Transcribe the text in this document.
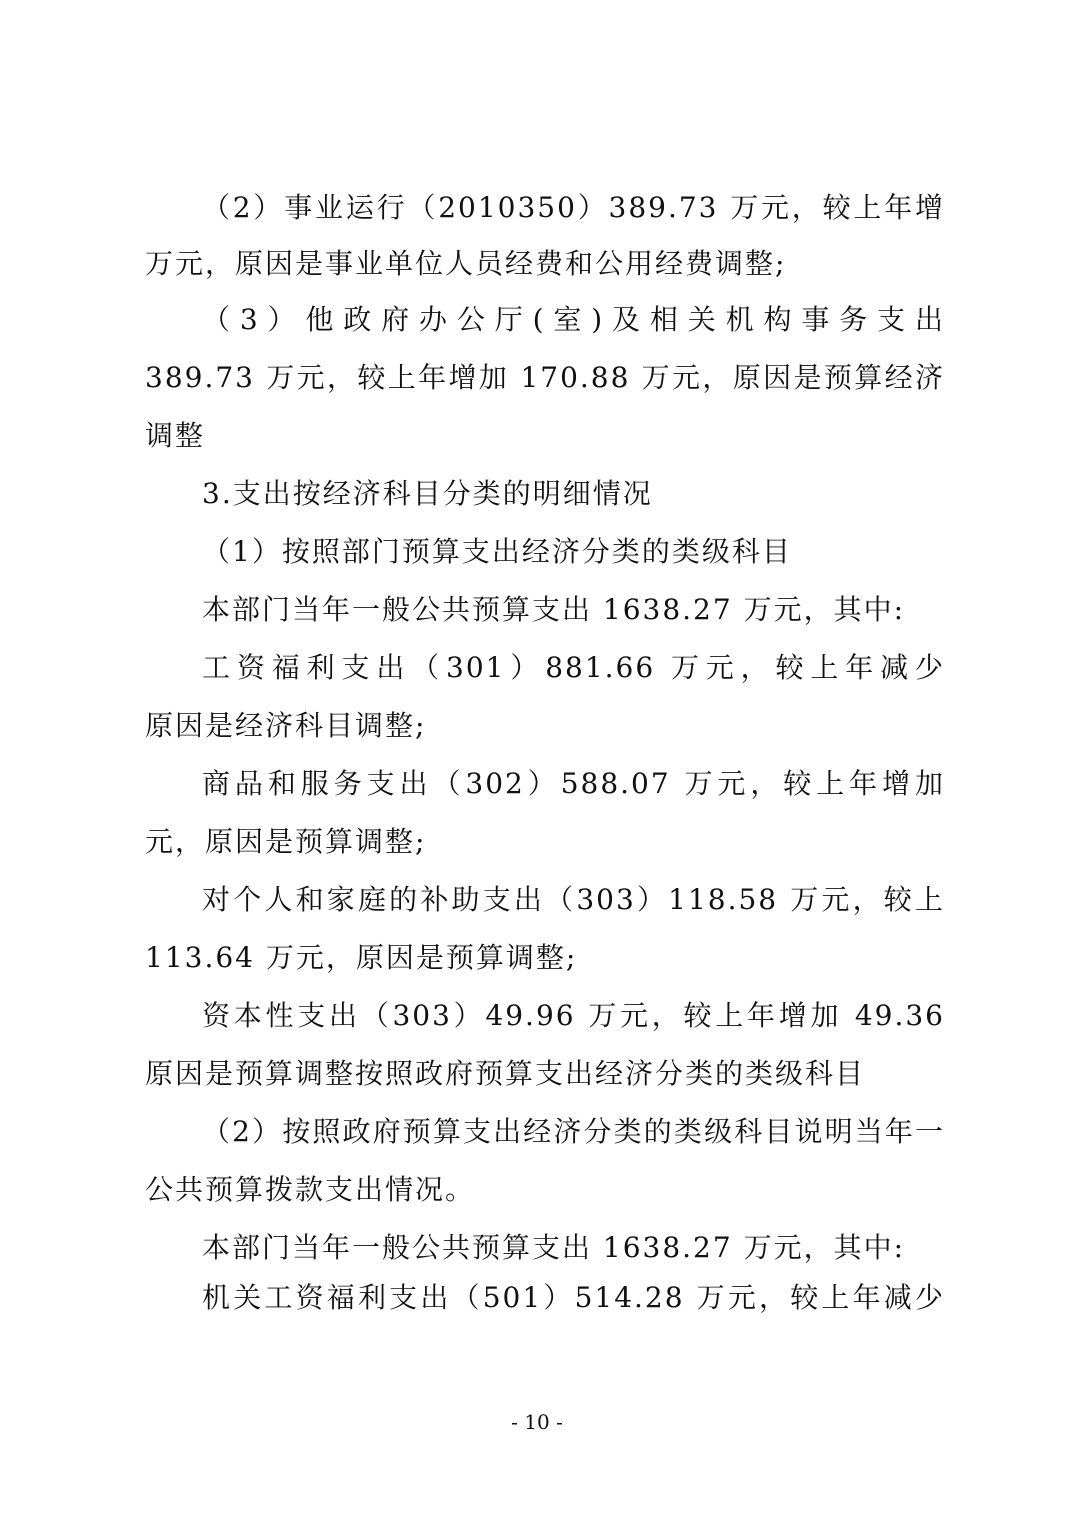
（2）事业运行（2010350）389.73 万元，较上年增
万元，原因是事业单位人员经费和公用经费调整;
（3）他政府办公厅(室)及相关机构事务支出
389.73 万元，较上年增加 170.88 万元，原因是预算经济
调整
3.支出按经济科目分类的明细情况
（1）按照部门预算支出经济分类的类级科目
本部门当年一般公共预算支出 1638.27 万元，其中:
工资福利支出（301）881.66 万元，较上年减少
原因是经济科目调整;
商品和服务支出（302）588.07 万元，较上年增加
元，原因是预算调整;
对个人和家庭的补助支出（303）118.58 万元，较上
113.64 万元，原因是预算调整;
资本性支出（303）49.96 万元，较上年增加 49.36
原因是预算调整按照政府预算支出经济分类的类级科目
（2）按照政府预算支出经济分类的类级科目说明当年一
公共预算拨款支出情况。
本部门当年一般公共预算支出 1638.27 万元，其中:
机关工资福利支出（501）514.28 万元，较上年减少
- 10 -
